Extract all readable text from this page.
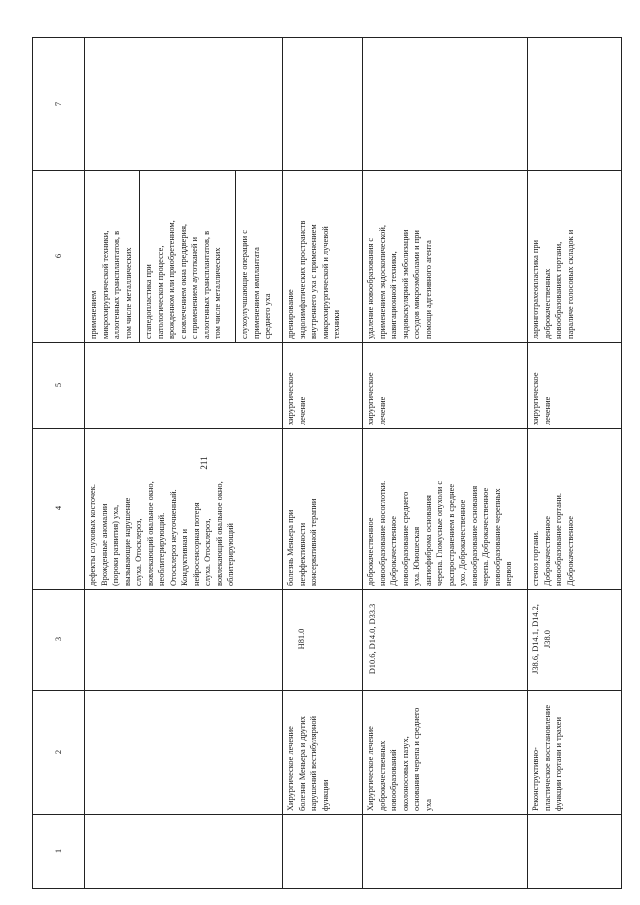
211
1
2
3
4
5
6
7
дефекты слуховых косточек.
Врожденные аномалии
(пороки развития) уха,
вызывающие нарушение
слуха. Отосклероз,
вовлекающий овальное окно,
необлитерирующий.
Отосклероз неуточненный.
Кондуктивная и
нейросенсорная потеря
слуха. Отосклероз,
вовлекающий овальное окно,
облитерирующий
применением
микрохирургической техники,
аллогенных трансплантатов, в
том числе металлических
стапедопластика при
патологическом процессе,
врожденном или приобретенном,
с вовлечением окна преддверия,
с применением аутотканей и
аллогенных трансплантатов, в
том числе металлических слухоулучшающие операции с
применением имплантата
среднего уха
Хирургическое лечение
болезни Меньера и других
нарушений вестибулярной
функции
H81.0
болезнь Меньера при
неэффективности
консервативной терапии
хирургическое
лечение
дренирование
эндолимфатических пространств
внутреннего уха с применением
микрохирургической и лучевой
техники
Хирургическое лечение
доброкачественных
новообразований
околоносовых пазух,
основания черепа и среднего
уха
D10.6, D14.0, D33.3
доброкачественное
новообразование носоглотки.
Доброкачественное
новообразование среднего
уха. Юношеская
ангиофиброма основания
черепа. Гломусные опухоли с
распространением в среднее
ухо. Доброкачественное
новообразование основания
черепа. Доброкачественное
новообразование черепных
нервов
хирургическое
лечение
удаление новообразования с
применением эндоскопической,
навигационной техники,
эндоваскулярной эмболизации
сосудов микроэмболами и при
помощи адгезивного агента
Реконструктивно-
пластическое восстановление
функции гортани и трахеи
J38.6, D14.1, D14.2,
J38.0
стеноз гортани.
Доброкачественное
новообразование гортани.
Доброкачественное
хирургическое
лечение
ларинготрахеопластика при
доброкачественных
новообразованиях гортани,
параличе голосовых складок и
